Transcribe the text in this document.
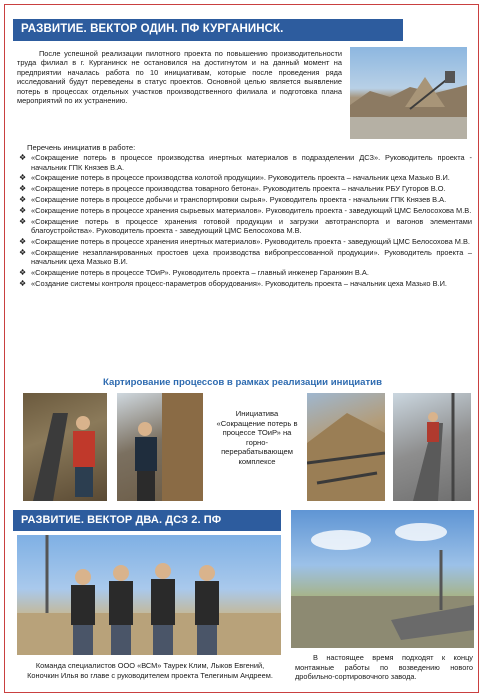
РАЗВИТИЕ. ВЕКТОР ОДИН. ПФ КУРГАНИНСК.

После успешной реализации пилотного проекта по повышению производительности труда филиал в г. Курганинск не остановился на достигнутом и на данный момент на предприятии началась работа по 10 инициативам, которые после проведения ряда исследований будут переведены в статус проектов. Основной целью является выявление потерь в процессах отдельных участков производственного филиала и подготовка плана мероприятий по их устранению.

Перечень инициатив в работе:
❖ «Сокращение потерь в процессе производства инертных материалов в подразделении ДСЗ». Руководитель проекта - начальник ГПК Князев В.А.
❖ «Сокращение потерь в процессе производства колотой продукции». Руководитель проекта – начальник цеха Мазько В.И.
❖ «Сокращение потерь в процессе производства товарного бетона». Руководитель проекта – начальник РБУ Гуторов В.О.
❖ «Сокращение потерь в процессе добычи и транспортировки сырья». Руководитель проекта - начальник ГПК Князев В.А.
❖ «Сокращение потерь в процессе хранения сырьевых материалов». Руководитель проекта - заведующий ЦМС Белосохова М.В.
❖ «Сокращение потерь в процессе хранения готовой продукции и загрузки автотранспорта и вагонов элементами благоустройства». Руководитель проекта - заведующий ЦМС Белосохова М.В.
❖ «Сокращение потерь в процессе хранения инертных материалов». Руководитель проекта - заведующий ЦМС Белосохова М.В.
❖ «Сокращение незапланированных простоев цеха производства вибропрессованной продукции». Руководитель проекта – начальник цеха Мазько В.И.
❖ «Сокращение потерь в процессе ТОиР». Руководитель проекта – главный инженер Гаранжин В.А.
❖ «Создание системы контроля процесс-параметров оборудования». Руководитель проекта – начальник цеха Мазько В.И.
Картирование процессов в рамках реализации инициатив
Инициатива «Сокращение потерь в процессе ТОиР» на горно-перерабатывающем комплексе
РАЗВИТИЕ. ВЕКТОР ДВА. ДСЗ 2. ПФ
Команда специалистов ООО «ВСМ» Таурек Клим, Лыков Евгений, Коночкин Илья во главе с руководителем проекта Телегиным Андреем.
В настоящее время подходят к концу монтажные работы по возведению нового дробильно-сортировочного завода.
